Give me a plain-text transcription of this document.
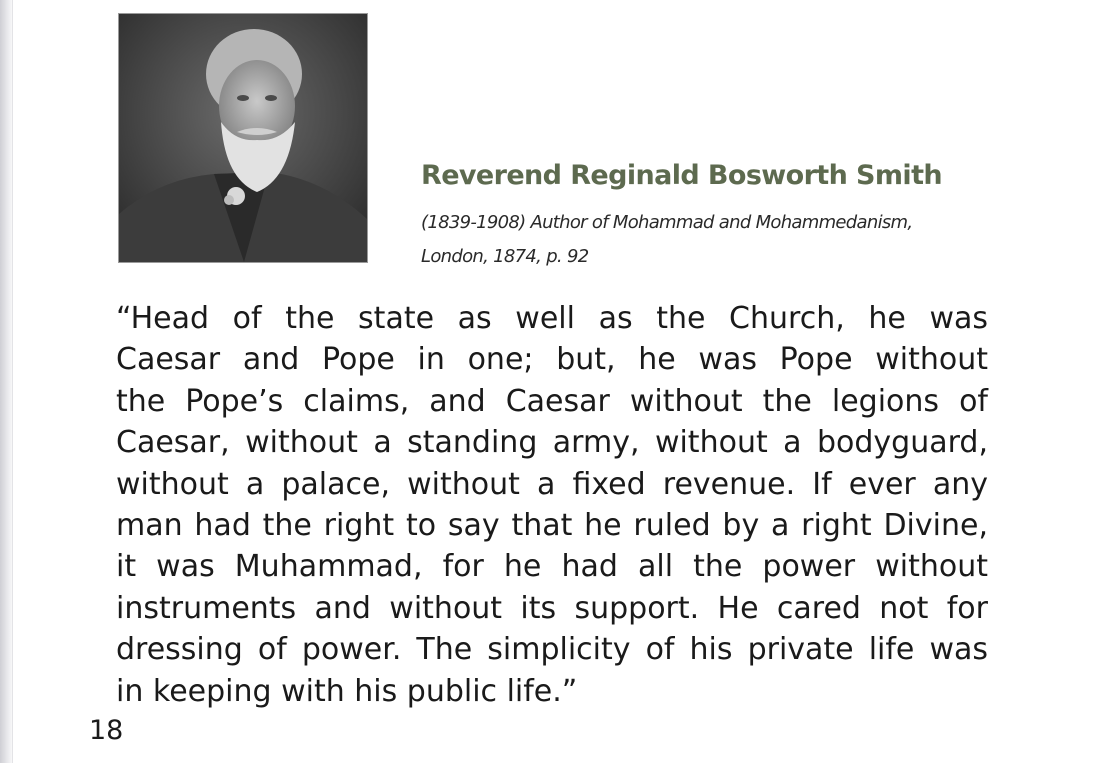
Reverend Reginald Bosworth Smith

(1839-1908) Author of Mohammad and Mohammedanism,
London, 1874, p. 92

“Head of the state as well as the Church, he was
Caesar and Pope in one; but, he was Pope without
the Pope’s claims, and Caesar without the legions of
Caesar, without a standing army, without a bodyguard,
without a palace, without a fixed revenue. If ever any
man had the right to say that he ruled by a right Divine,
it was Muhammad, for he had all the power without
instruments and without its support. He cared not for
dressing of power. The simplicity of his private life was
in keeping with his public life.”

18
